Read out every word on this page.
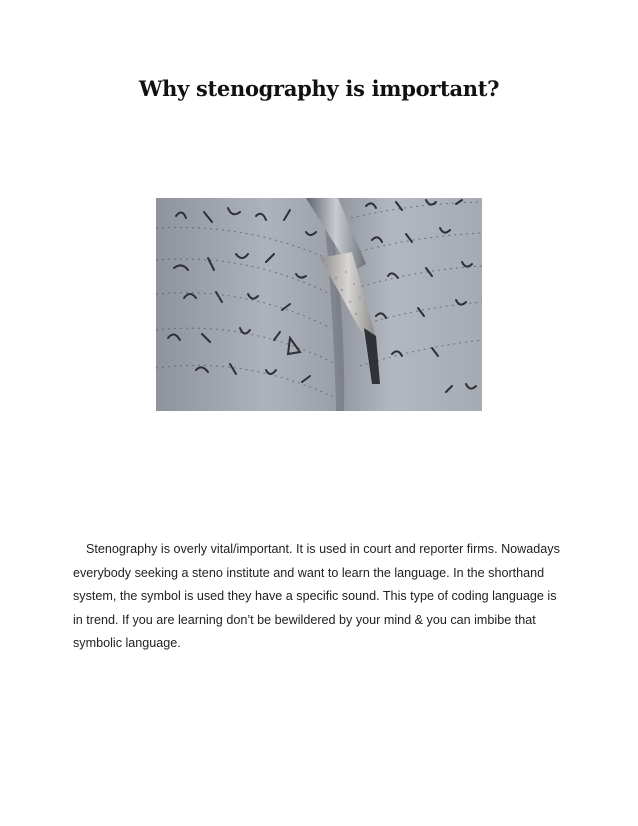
Why stenography is important?

Stenography is overly vital/important. It is used in court and reporter firms. Nowadays everybody seeking a steno institute and want to learn the language. In the shorthand system, the symbol is used they have a specific sound. This type of coding language is in trend. If you are learning don’t be bewildered by your mind & you can imbibe that symbolic language.
